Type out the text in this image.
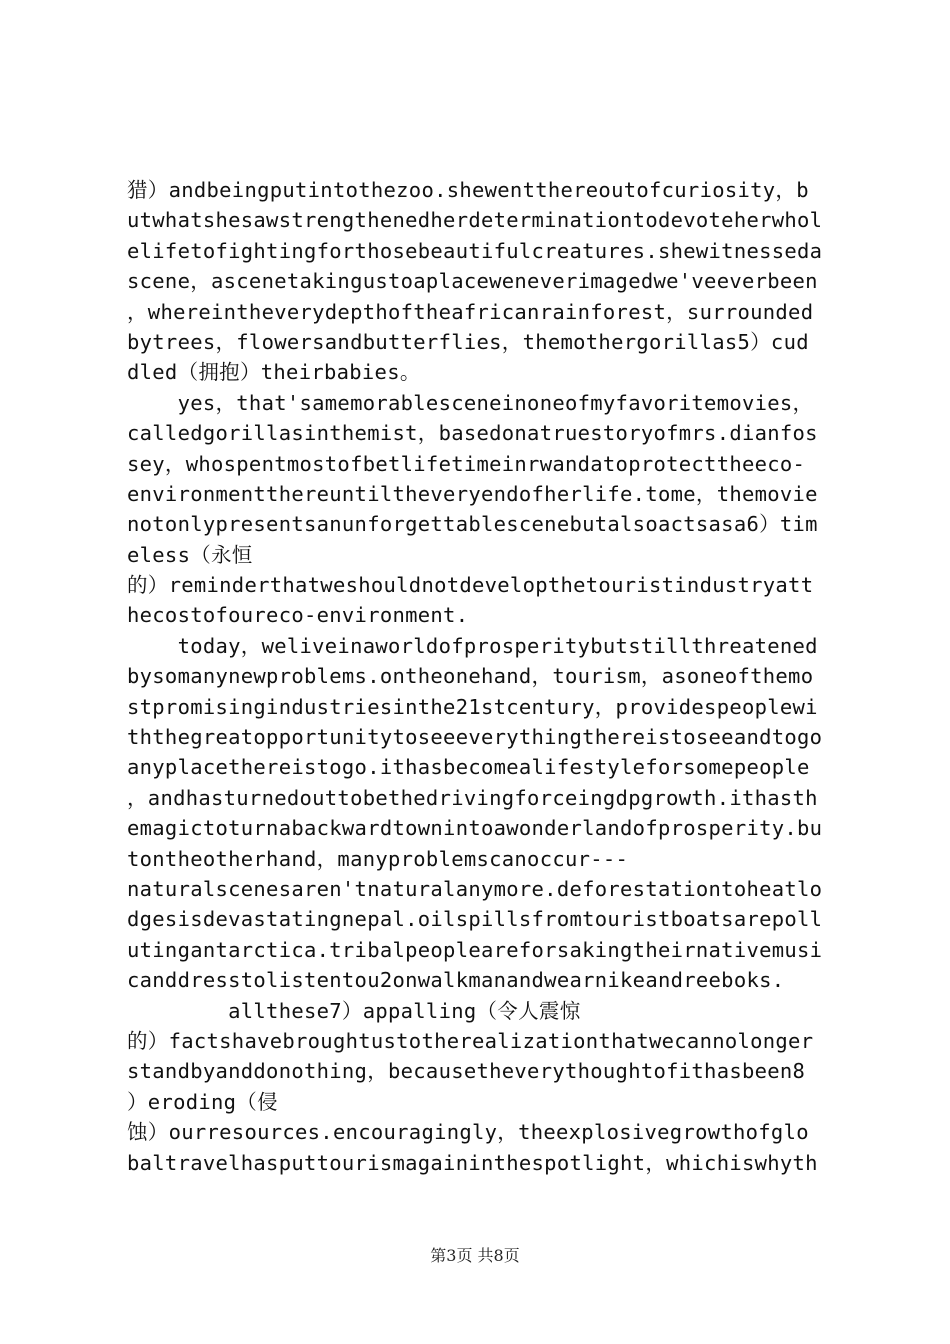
猎）andbeingputintothezoo.shewentthereoutofcuriosity，b
utwhatshesawstrengthenedherdeterminationtodevoteherwhol
elifetofightingforthosebeautifulcreatures.shewitnesseda
scene，ascenetakingustoaplaceweneverimagedwe'veeverbeen
，whereintheverydepthoftheafricanrainforest，surrounded
bytrees，flowersandbutterflies，themothergorillas5）cud
dled（拥抱）theirbabies。
yes，that'samemorablesceneinoneofmyfavoritemovies，
calledgorillasinthemist，basedonatruestoryofmrs.dianfos
sey，whospentmostofbetlifetimeinrwandatoprotecttheeco-
environmentthereuntiltheveryendofherlife.tome，themovie
notonlypresentsanunforgettablescenebutalsoactsasa6）tim
eless（永恒
的）reminderthatweshouldnotdevelopthetouristindustryatt
hecostofoureco-environment.
today，weliveinaworldofprosperitybutstillthreatened
bysomanynewproblems.ontheonehand，tourism，asoneofthemo
stpromisingindustriesinthe21stcentury，providespeoplewi
ththegreatopportunitytoseeeverythingthereistoseeandtogo
anyplacethereistogo.ithasbecomealifestyleforsomepeople
，andhasturnedouttobethedrivingforceingdpgrowth.ithasth
emagictoturnabackwardtownintoawonderlandofprosperity.bu
tontheotherhand，manyproblemscanoccur---
naturalscenesaren'tnaturalanymore.deforestationtoheatlo
dgesisdevastatingnepal.oilspillsfromtouristboatsarepoll
utingantarctica.tribalpeopleareforsakingtheirnativemusi
canddresstolistentou2onwalkmanandwearnikeandreeboks.
allthese7）appalling（令人震惊
的）factshavebroughtustotherealizationthatwecannolonger
standbyanddonothing，becausetheverythoughtofithasbeen8
）eroding（侵
蚀）ourresources.encouragingly，theexplosivegrowthofglo
baltravelhasputtourismagaininthespotlight，whichiswhyth
第3页 共8页
